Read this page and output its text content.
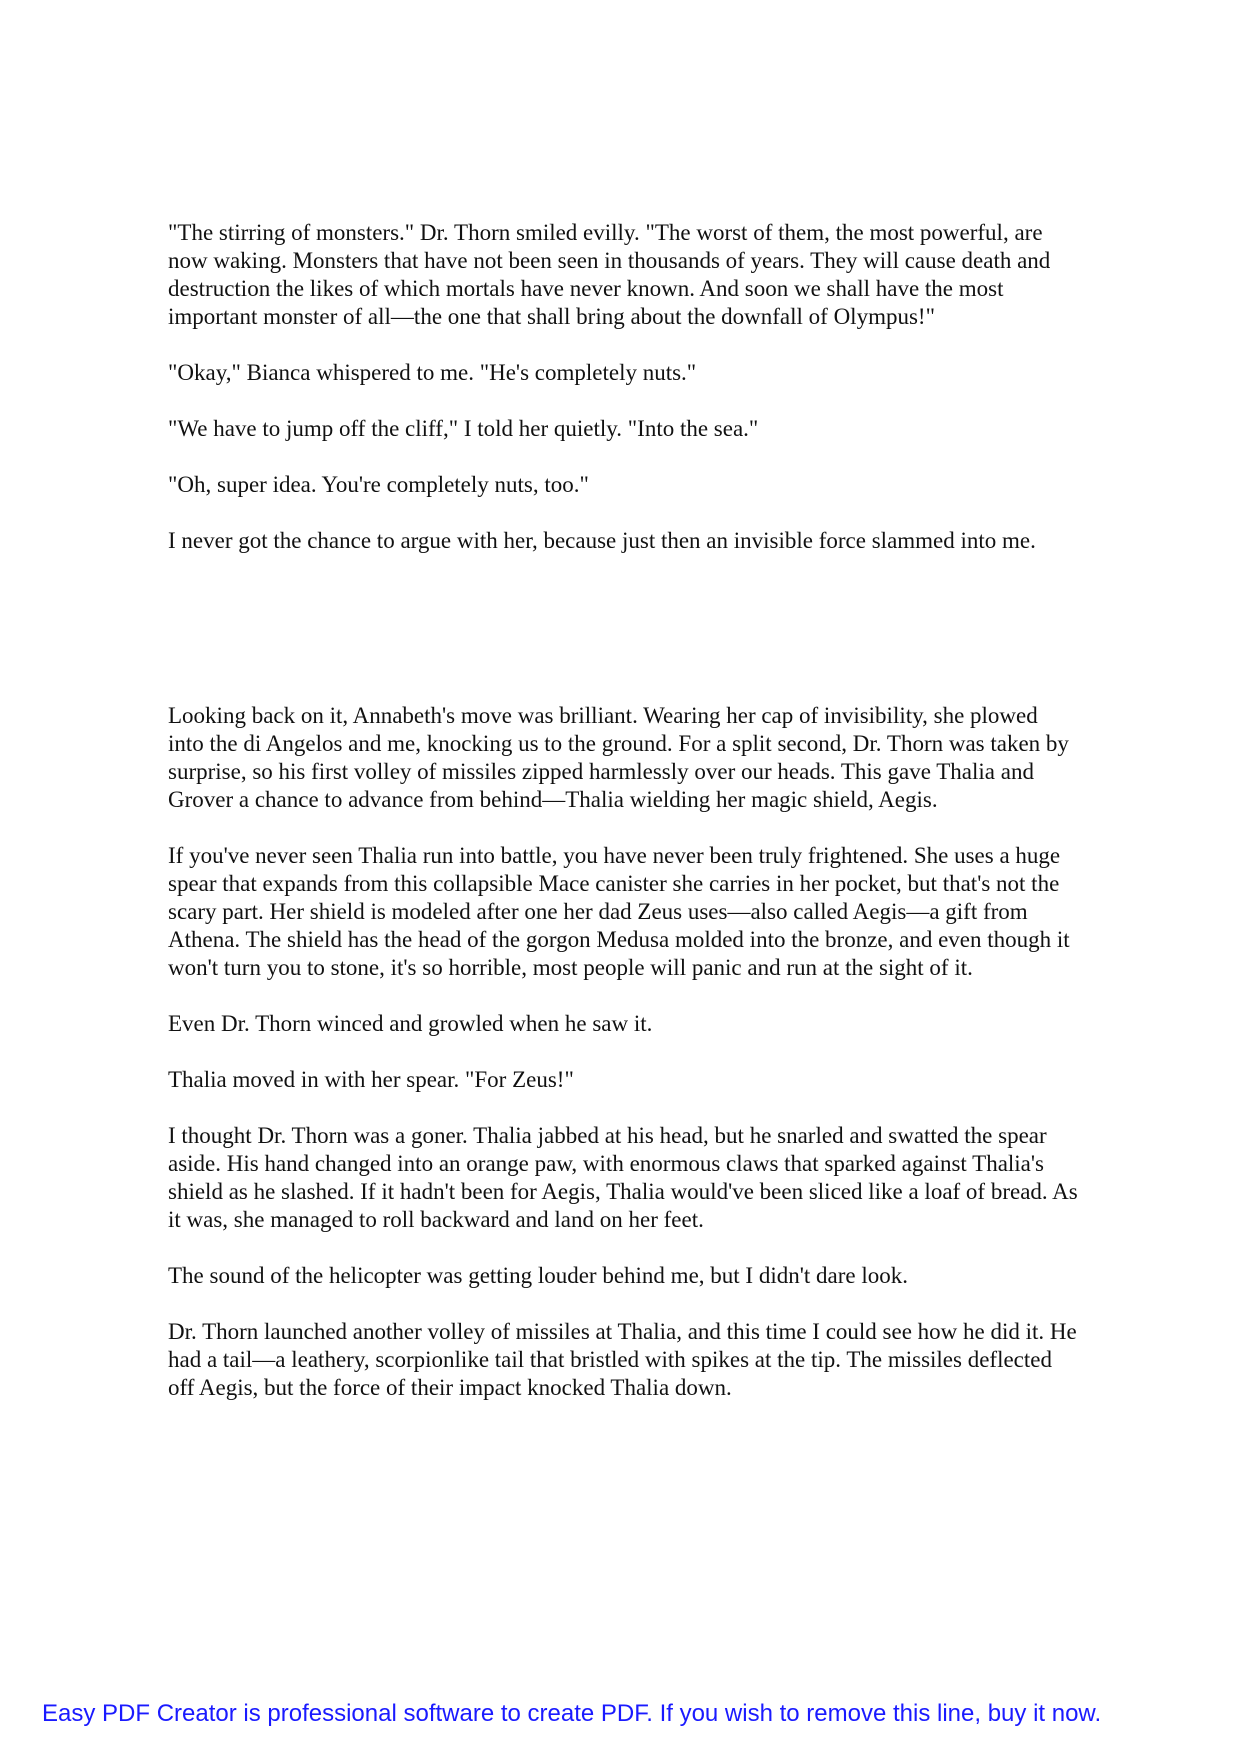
"The stirring of monsters." Dr. Thorn smiled evilly. "The worst of them, the most powerful, are now waking. Monsters that have not been seen in thousands of years. They will cause death and destruction the likes of which mortals have never known. And soon we shall have the most important monster of all—the one that shall bring about the downfall of Olympus!"

"Okay," Bianca whispered to me. "He's completely nuts."

"We have to jump off the cliff," I told her quietly. "Into the sea."

"Oh, super idea. You're completely nuts, too."

I never got the chance to argue with her, because just then an invisible force slammed into me.

Looking back on it, Annabeth's move was brilliant. Wearing her cap of invisibility, she plowed into the di Angelos and me, knocking us to the ground. For a split second, Dr. Thorn was taken by surprise, so his first volley of missiles zipped harmlessly over our heads. This gave Thalia and Grover a chance to advance from behind—Thalia wielding her magic shield, Aegis.

If you've never seen Thalia run into battle, you have never been truly frightened. She uses a huge spear that expands from this collapsible Mace canister she carries in her pocket, but that's not the scary part. Her shield is modeled after one her dad Zeus uses—also called Aegis—a gift from Athena. The shield has the head of the gorgon Medusa molded into the bronze, and even though it won't turn you to stone, it's so horrible, most people will panic and run at the sight of it.

Even Dr. Thorn winced and growled when he saw it.

Thalia moved in with her spear. "For Zeus!"

I thought Dr. Thorn was a goner. Thalia jabbed at his head, but he snarled and swatted the spear aside. His hand changed into an orange paw, with enormous claws that sparked against Thalia's shield as he slashed. If it hadn't been for Aegis, Thalia would've been sliced like a loaf of bread. As it was, she managed to roll backward and land on her feet.

The sound of the helicopter was getting louder behind me, but I didn't dare look.

Dr. Thorn launched another volley of missiles at Thalia, and this time I could see how he did it. He had a tail—a leathery, scorpionlike tail that bristled with spikes at the tip. The missiles deflected off Aegis, but the force of their impact knocked Thalia down.

Easy PDF Creator is professional software to create PDF. If you wish to remove this line, buy it now.
